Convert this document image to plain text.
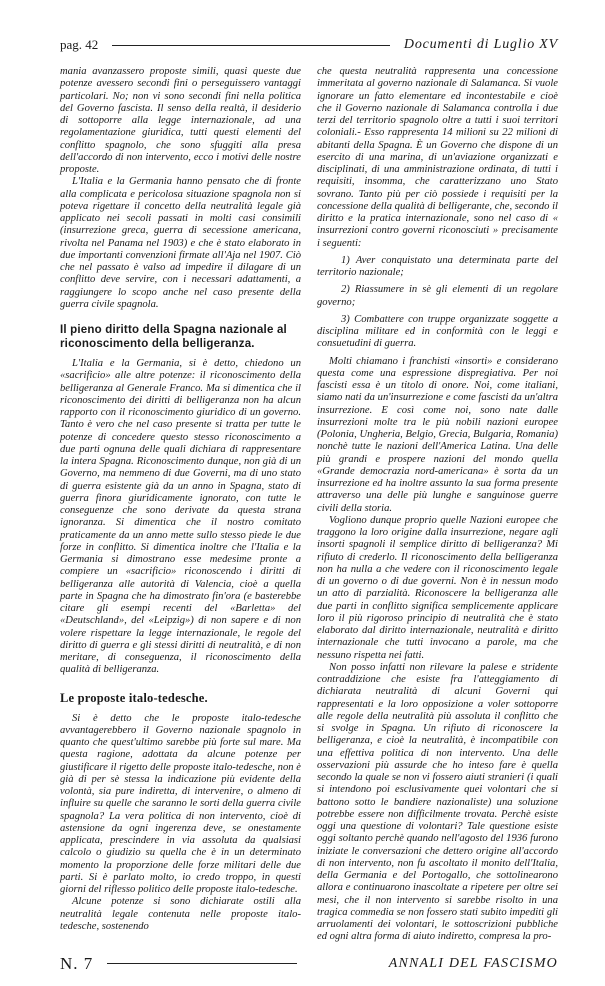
pag. 42	Documenti di Luglio XV

mania avanzassero proposte simili, quasi queste due potenze avessero secondi fini o perseguissero vantaggi particolari. No; non vi sono secondi fini nella politica del Governo fascista. Il senso della realtà, il desiderio di sottoporre alla legge internazionale, ad una regolamentazione giuridica, tutti questi elementi del conflitto spagnolo, che sono sfuggiti alla presa dell'accordo di non intervento, ecco i motivi delle nostre proposte.

L'Italia e la Germania hanno pensato che di fronte alla complicata e pericolosa situazione spagnola non si poteva rigettare il concetto della neutralità legale già applicato nei secoli passati in molti casi consimili (insurrezione greca, guerra di secessione americana, rivolta nel Panama nel 1903) e che è stato elaborato in due importanti convenzioni firmate all'Aja nel 1907. Ciò che nel passato è valso ad impedire il dilagare di un conflitto deve servire, con i necessari adattamenti, a raggiungere lo scopo anche nel caso presente della guerra civile spagnola.

Il pieno diritto della Spagna nazionale al
riconoscimento della belligeranza.

L'Italia e la Germania, si è detto, chiedono un «sacrificio» alle altre potenze: il riconoscimento della belligeranza al Generale Franco. Ma si dimentica che il riconoscimento dei diritti di belligeranza non ha alcun rapporto con il riconoscimento giuridico di un governo. Tanto è vero che nel caso presente si tratta per tutte le potenze di concedere questo stesso riconoscimento a due parti ognuna delle quali dichiara di rappresentare la intera Spagna. Riconoscimento dunque, non già di un Governo, ma nemmeno di due Governi, ma di uno stato di guerra esistente già da un anno in Spagna, stato di guerra finora giuridicamente ignorato, con tutte le conseguenze che sono derivate da questa strana ignoranza. Si dimentica che il nostro comitato praticamente da un anno mette sullo stesso piede le due forze in conflitto. Si dimentica inoltre che l'Italia e la Germania si dimostrano esse medesime pronte a compiere un «sacrificio» riconoscendo i diritti di belligeranza alle autorità di Valencia, cioè a quella parte in Spagna che ha dimostrato fin'ora (e basterebbe citare gli esempi recenti del «Barletta» del «Deutschland», del «Leipzig») di non sapere e di non volere rispettare la legge internazionale, le regole del diritto di guerra e gli stessi diritti di neutralità, e di non meritare, di conseguenza, il riconoscimento della qualità di belligeranza.

Le proposte italo-tedesche.

Si è detto che le proposte italo-tedesche avvantagerebbero il Governo nazionale spagnolo in quanto che quest'ultimo sarebbe più forte sul mare. Ma questa ragione, adottata da alcune potenze per giustificare il rigetto delle proposte italo-tedesche, non è già di per sè stessa la indicazione più evidente della volontà, sia pure indiretta, di intervenire, o almeno di influire su quelle che saranno le sorti della guerra civile spagnola? La vera politica di non intervento, cioè di astensione da ogni ingerenza deve, se onestamente applicata, prescindere in via assoluta da qualsiasi calcolo o giudizio su quella che è in un determinato momento la proporzione delle forze militari delle due parti. Si è parlato molto, io credo troppo, in questi giorni del riflesso politico delle proposte italo-tedesche.

Alcune potenze si sono dichiarate ostili alla neutralità legale contenuta nelle proposte italo-tedesche, sostenendo

che questa neutralità rappresenta una concessione immeritata al governo nazionale di Salamanca. Si vuole ignorare un fatto elementare ed incontestabile e cioè che il Governo nazionale di Salamanca controlla i due terzi del territorio spagnolo oltre a tutti i suoi territori coloniali.- Esso rappresenta 14 milioni su 22 milioni di abitanti della Spagna. È un Governo che dispone di un esercito di una marina, di un'aviazione organizzati e disciplinati, di una amministrazione ordinata, di tutti i requisiti, insomma, che caratterizzano uno Stato sovrano. Tanto più per ciò possiede i requisiti per la concessione della qualità di belligerante, che, secondo il diritto e la pratica internazionale, sono nel caso di « insurrezioni contro governi riconosciuti » precisamente i seguenti:

1) Aver conquistato una determinata parte del territorio nazionale;

2) Riassumere in sè gli elementi di un regolare governo;

3) Combattere con truppe organizzate soggette a disciplina militare ed in conformità con le leggi e consuetudini di guerra.

Molti chiamano i franchisti «insorti» e considerano questa come una espressione dispregiativa. Per noi fascisti essa è un titolo di onore. Noi, come italiani, siamo nati da un'insurrezione e come fascisti da un'altra insurrezione. E così come noi, sono nate dalle insurrezioni molte tra le più nobili nazioni europee (Polonia, Ungheria, Belgio, Grecia, Bulgaria, Romania) nonchè tutte le nazioni dell'America Latina. Una delle più grandi e prospere nazioni del mondo quella «Grande democrazia nord-americana» è sorta da un insurrezione ed ha inoltre assunto la sua forma presente attraverso una delle più lunghe e sanguinose guerre civili della storia.

Vogliono dunque proprio quelle Nazioni europee che traggono la loro origine dalla insurrezione, negare agli insorti spagnoli il semplice diritto di belligeranza? Mi rifiuto di crederlo. Il riconoscimento della belligeranza non ha nulla a che vedere con il riconoscimento legale di un governo o di due governi. Non è in nessun modo un atto di parzialità. Riconoscere la belligeranza alle due parti in conflitto significa semplicemente applicare loro il più rigoroso principio di neutralità che è stato elaborato dal diritto internazionale, neutralità e diritto internazionale che tutti invocano a parole, ma che nessuno rispetta nei fatti.

Non posso infatti non rilevare la palese e stridente contraddizione che esiste fra l'atteggiamento di dichiarata neutralità di alcuni Governi qui rappresentati e la loro opposizione a voler sottoporre alle regole della neutralità più assoluta il conflitto che si svolge in Spagna. Un rifiuto di riconoscere la belligeranza, e cioè la neutralità, è incompatibile con una effettiva politica di non intervento. Una delle osservazioni più assurde che ho inteso fare è quella secondo la quale se non vi fossero aiuti stranieri (i quali si intendono poi esclusivamente quei volontari che si battono sotto le bandiere nazionaliste) una soluzione potrebbe essere non difficilmente trovata. Perchè esiste oggi una questione di volontari? Tale questione esiste oggi soltanto perchè quando nell'agosto del 1936 furono iniziate le conversazioni che dettero origine all'accordo di non intervento, non fu ascoltato il monito dell'Italia, della Germania e del Portogallo, che sottolinearono allora e continuarono inascoltate a ripetere per oltre sei mesi, che il non intervento si sarebbe risolto in una tragica commedia se non fossero stati subito impediti gli arruolamenti dei volontari, le sottoscrizioni pubbliche ed ogni altra forma di aiuto indiretto, compresa la pro-

N. 7	ANNALI DEL FASCISMO
